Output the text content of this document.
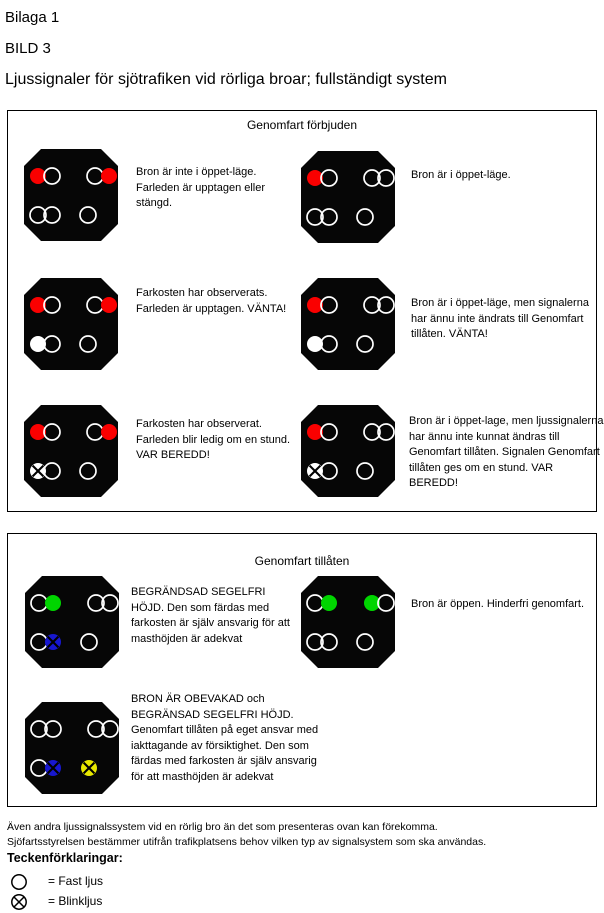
Bilaga 1
BILD 3
Ljussignaler för sjötrafiken vid rörliga broar; fullständigt system
Genomfart förbjuden
Bron är inte i öppet-läge.
Farleden är upptagen eller
stängd.
Bron är i öppet-läge.
Farkosten har observerats.
Farleden är upptagen. VÄNTA!	Bron är i öppet-läge, men signalerna
har ännu inte ändrats till Genomfart
tillåten. VÄNTA!
Farkosten har observerat.
Farleden blir ledig om en stund.
VAR BEREDD!
Bron är i öppet-lage, men ljussignalerna
har ännu inte kunnat ändras till
Genomfart tillåten. Signalen Genomfart
tillåten ges om en stund. VAR
BEREDD!
Genomfart tillåten
BEGRÄNDSAD SEGELFRI
HÖJD. Den som färdas med
farkosten är själv ansvarig för att
masthöjden är adekvat
Bron är öppen. Hinderfri genomfart.
BRON ÄR OBEVAKAD och
BEGRÄNSAD SEGELFRI HÖJD.
Genomfart tillåten på eget ansvar med
iakttagande av försiktighet. Den som
färdas med farkosten är själv ansvarig
för att masthöjden är adekvat
Även andra ljussignalssystem vid en rörlig bro än det som presenteras ovan kan förekomma.
Sjöfartsstyrelsen bestämmer utifrån trafikplatsens behov vilken typ av signalsystem som ska användas.
Teckenförklaringar:
= Fast ljus
= Blinkljus
